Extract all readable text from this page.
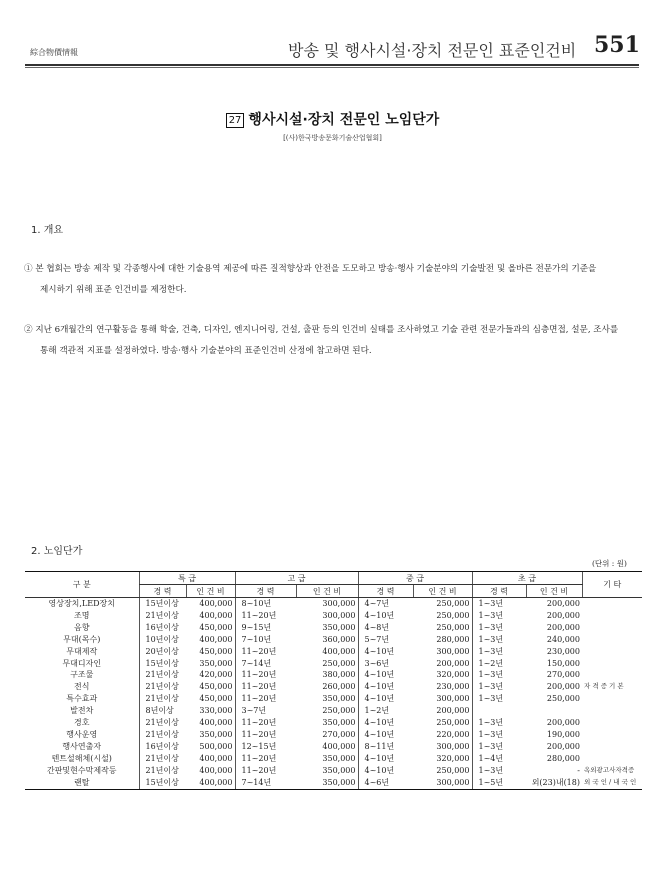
綜合物價情報	방송 및 행사시설·장치 전문인 표준인건비 551
27 행사시설·장치 전문인 노임단가
[(사)한국방송문화기술산업협회]
1. 개요
① 본 협회는 방송 제작 및 각종행사에 대한 기술용역 제공에 따른 질적향상과 안전을 도모하고 방송·행사 기술분야의 기술발전 및 올바른 전문가의 기준을
제시하기 위해 표준 인건비를 제정한다.
② 지난 6개월간의 연구활동을 통해 학술, 건축, 디자인, 엔지니어링, 건설, 출판 등의 인건비 실태를 조사하였고 기술 관련 전문가들과의 심층면접, 설문, 조사를
통해 객관적 지표를 설정하였다. 방송·행사 기술분야의 표준인건비 산정에 참고하면 된다.
2. 노임단가
(단위 : 원)
구 분	특 급		고 급		중 급		초 급		기 타
	경 력	인 건 비	경 력	인 건 비	경 력	인 건 비	경 력	인 건 비	
영상장치,LED장치	15년이상	400,000	8~10년	300,000	4~7년	250,000	1~3년	200,000	
조명	21년이상	400,000	11~20년	300,000	4~10년	250,000	1~3년	200,000	
음향	16년이상	450,000	9~15년	350,000	4~8년	250,000	1~3년	200,000	
무대(목수)	10년이상	400,000	7~10년	360,000	5~7년	280,000	1~3년	240,000	
무대제작	20년이상	450,000	11~20년	400,000	4~10년	300,000	1~3년	230,000	
무대디자인	15년이상	350,000	7~14년	250,000	3~6년	200,000	1~2년	150,000	
구조물	21년이상	420,000	11~20년	380,000	4~10년	320,000	1~3년	270,000	
전식	21년이상	450,000	11~20년	260,000	4~10년	230,000	1~3년	200,000	자 격 증 기 본
특수효과	21년이상	450,000	11~20년	350,000	4~10년	300,000	1~3년	250,000	
발전차	8년이상	330,000	3~7년	250,000	1~2년	200,000			
경호	21년이상	400,000	11~20년	350,000	4~10년	250,000	1~3년	200,000	
행사운영	21년이상	350,000	11~20년	270,000	4~10년	220,000	1~3년	190,000	
행사연출자	16년이상	500,000	12~15년	400,000	8~11년	300,000	1~3년	200,000	
텐트설해체(시설)	21년이상	400,000	11~20년	350,000	4~10년	320,000	1~4년	280,000	
간판및현수막제작등	21년이상	400,000	11~20년	350,000	4~10년	250,000	1~3년	-	옥외광고사자격증
랜탈	15년이상	400,000	7~14년	350,000	4~6년	300,000	1~5년	외(23)내(18)	외 국 인 / 내 국 인
